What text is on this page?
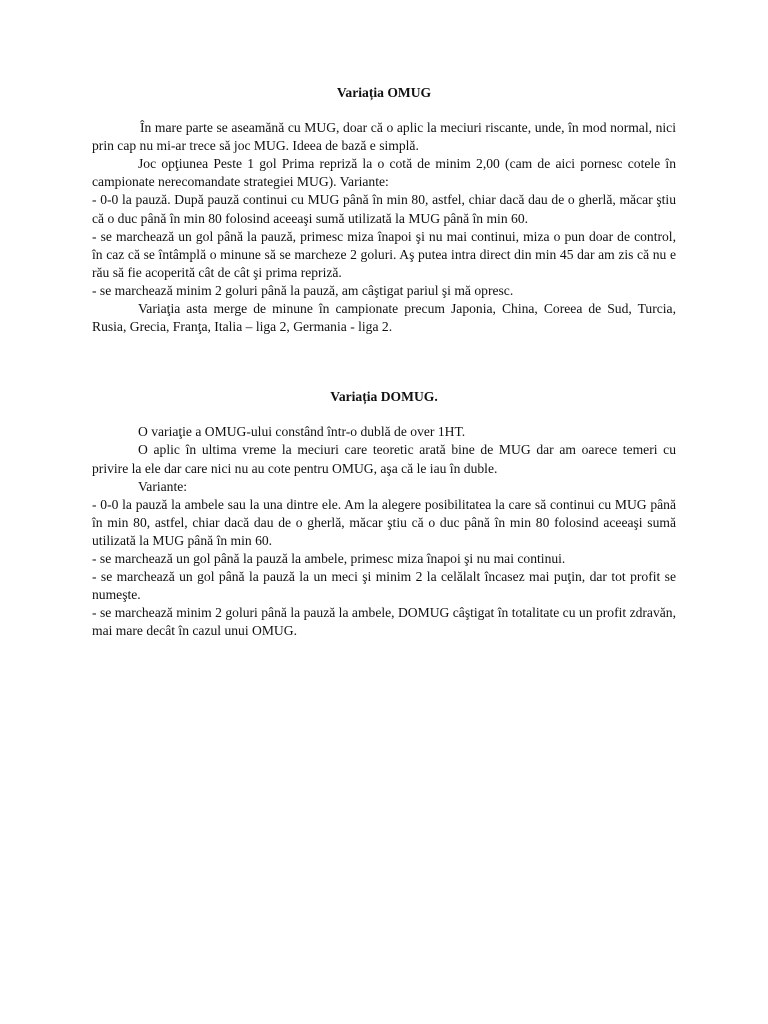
Variația OMUG

În mare parte se aseamănă cu MUG, doar că o aplic la meciuri riscante, unde, în mod normal, nici prin cap nu mi-ar trece să joc MUG. Ideea de bază e simplă.

Joc opţiunea Peste 1 gol Prima repriză la o cotă de minim 2,00 (cam de aici pornesc cotele în campionate nerecomandate strategiei MUG). Variante:

- 0-0 la pauză. După pauză continui cu MUG până în min 80, astfel, chiar dacă dau de o gherlă, măcar ştiu că o duc până în min 80 folosind aceeaşi sumă utilizată la MUG până în min 60.

- se marchează un gol până la pauză, primesc miza înapoi şi nu mai continui, miza o pun doar de control, în caz că se întâmplă o minune să se marcheze 2 goluri. Aş putea intra direct din min 45 dar am zis că nu e rău să fie acoperită cât de cât şi prima repriză.

- se marchează minim 2 goluri până la pauză, am câştigat pariul şi mă opresc.

Variaţia asta merge de minune în campionate precum Japonia, China, Coreea de Sud, Turcia, Rusia, Grecia, Franţa, Italia – liga 2, Germania - liga 2.

Variația DOMUG.

O variaţie a OMUG-ului constând într-o dublă de over 1HT.

O aplic în ultima vreme la meciuri care teoretic arată bine de MUG dar am oarece temeri cu privire la ele dar care nici nu au cote pentru OMUG, aşa că le iau în duble.

Variante:

- 0-0 la pauză la ambele sau la una dintre ele. Am la alegere posibilitatea la care să continui cu MUG până în min 80, astfel, chiar dacă dau de o gherlă, măcar ştiu că o duc până în min 80 folosind aceeaşi sumă utilizată la MUG până în min 60.

- se marchează un gol până la pauză la ambele, primesc miza înapoi şi nu mai continui.

- se marchează un gol până la pauză la un meci şi minim 2 la celălalt încasez mai puţin, dar tot profit se numeşte.

- se marchează minim 2 goluri până la pauză la ambele, DOMUG câştigat în totalitate cu un profit zdravăn, mai mare decât în cazul unui OMUG.
